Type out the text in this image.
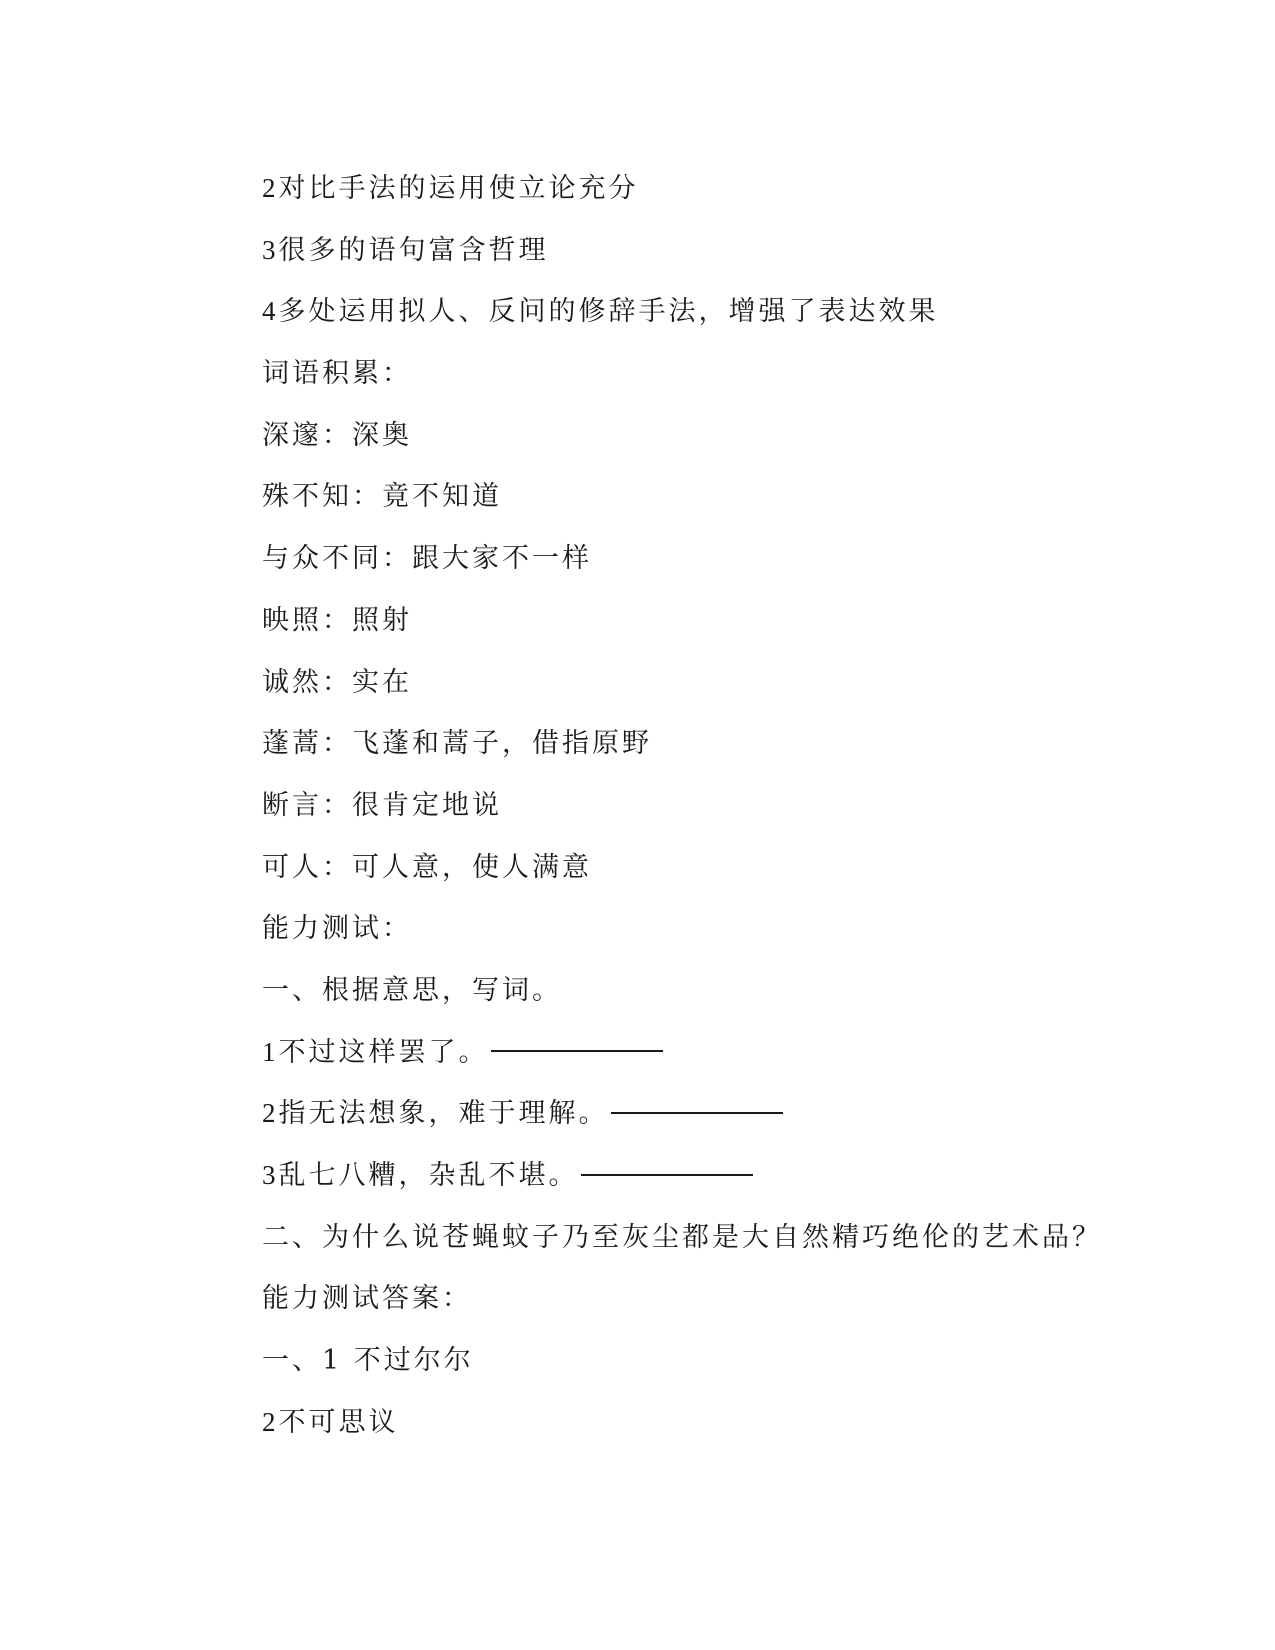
2 对比手法的运用使立论充分
3 很多的语句富含哲理
4 多处运用拟人、反问的修辞手法，增强了表达效果
词语积累：
深邃：深奥
殊不知：竟不知道
与众不同：跟大家不一样
映照：照射
诚然：实在
蓬蒿：飞蓬和蒿子，借指原野
断言：很肯定地说
可人：可人意，使人满意
能力测试：
一、根据意思，写词。
1 不过这样罢了。
2 指无法想象，难于理解。
3 乱七八糟，杂乱不堪。
二、为什么说苍蝇蚊子乃至灰尘都是大自然精巧绝伦的艺术品？
能力测试答案：
一、1 不过尔尔
2 不可思议
